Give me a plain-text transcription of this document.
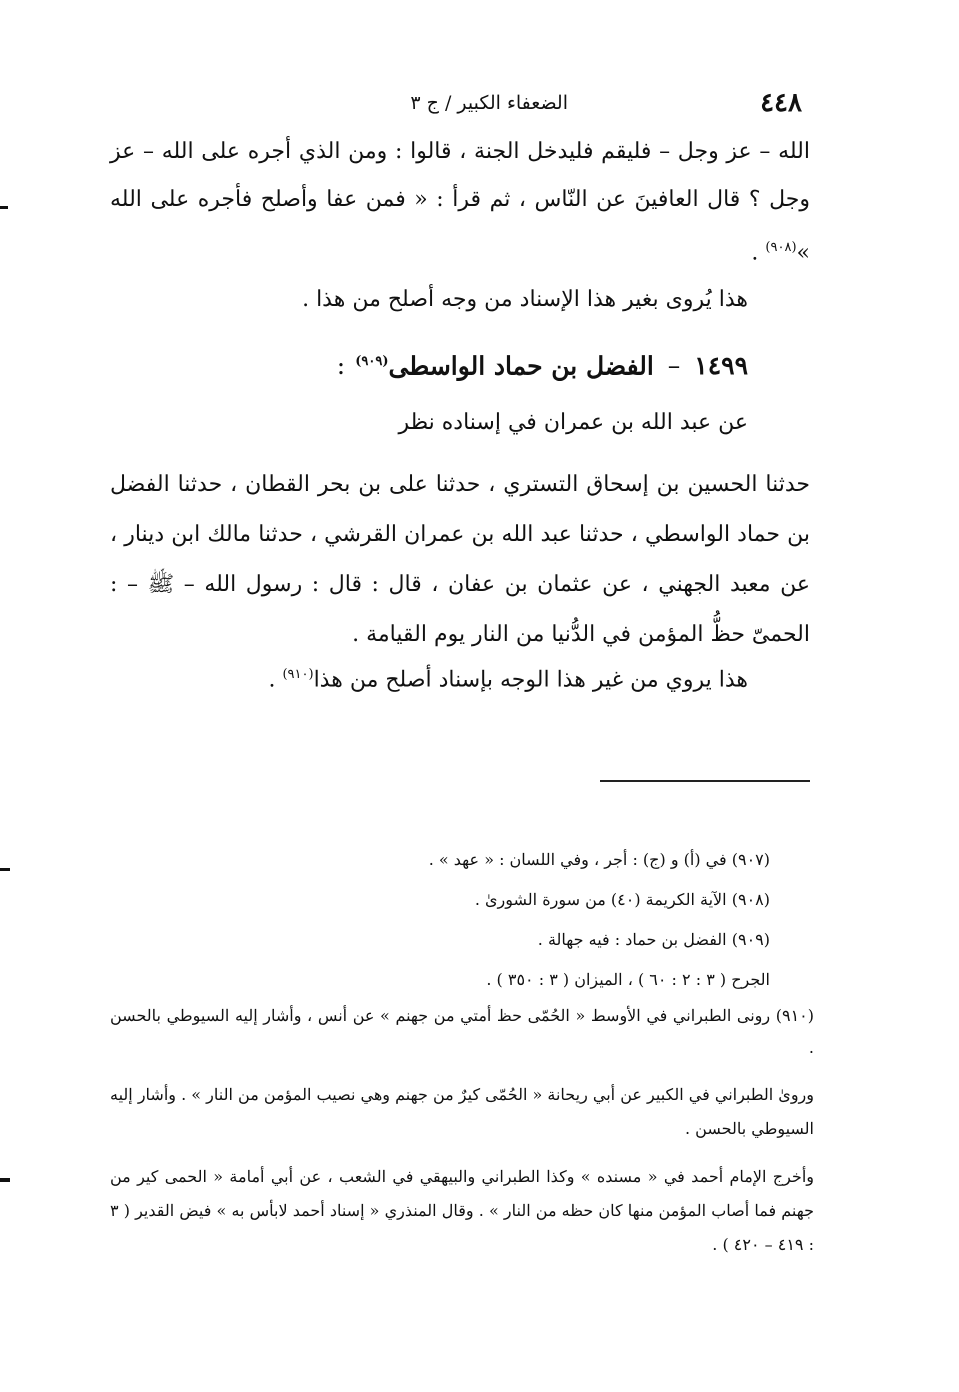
٤٤٨
الضعفاء الكبير / ج ٣
الله – عز وجل – فليقم فليدخل الجنة ، قالوا : ومن الذي أجره على الله – عز وجل ؟ قال العافينَ عن النّاس ، ثم قرأ : « فمن عفا وأصلح فأجره على الله »$^{(٩٠٨)}$ .
هذا يُروى بغير هذا الإسناد من وجه أصلح من هذا .
١٤٩٩–الفضل بن حماد الواسطى$^{(٩٠٩)}$:
عن عبد الله بن عمران في إسناده نظر
حدثنا الحسين بن إسحاق التستري ، حدثنا على بن بحر القطان ، حدثنا الفضل بن حماد الواسطي ، حدثنا عبد الله بن عمران القرشي ، حدثنا مالك ابن دينار ، عن معبد الجهني ، عن عثمان بن عفان ، قال : قال : رسول الله – ﷺ – : الحمىّ حظُّ المؤمن في الدُّنيا من النار يوم القيامة .
هذا يروي من غير هذا الوجه بإسناد أصلح من هذا$^{(٩١٠)}$ .
(٩٠٧) في (أ) و (ج) : أجر ، وفي اللسان : « عهد » .
(٩٠٨) الآية الكريمة (٤٠) من سورة الشورىٰ .
(٩٠٩) الفضل بن حماد : فيه جهالة .
الجرح ( ٣ : ٢ : ٦٠ ) ، الميزان ( ٣ : ٣٥٠ ) .
(٩١٠) رونى الطبراني في الأوسط « الحُمّى حظ أمتي من جهنم » عن أنس ، وأشار إليه السيوطي بالحسن .
وروىٰ الطبراني في الكبير عن أبي ريحانة « الحُمّى كيرٌ من جهنم وهي نصيب المؤمن من النار » . وأشار إليه السيوطي بالحسن .
وأخرج الإمام أحمد في « مسنده » وكذا الطبراني والبيهقي في الشعب ، عن أبي أمامة « الحمى كير من جهنم فما أصاب المؤمن منها كان حظه من النار » . وقال المنذري « إسناد أحمد لابأس به » فيض القدير ( ٣ : ٤١٩ – ٤٢٠ ) .
